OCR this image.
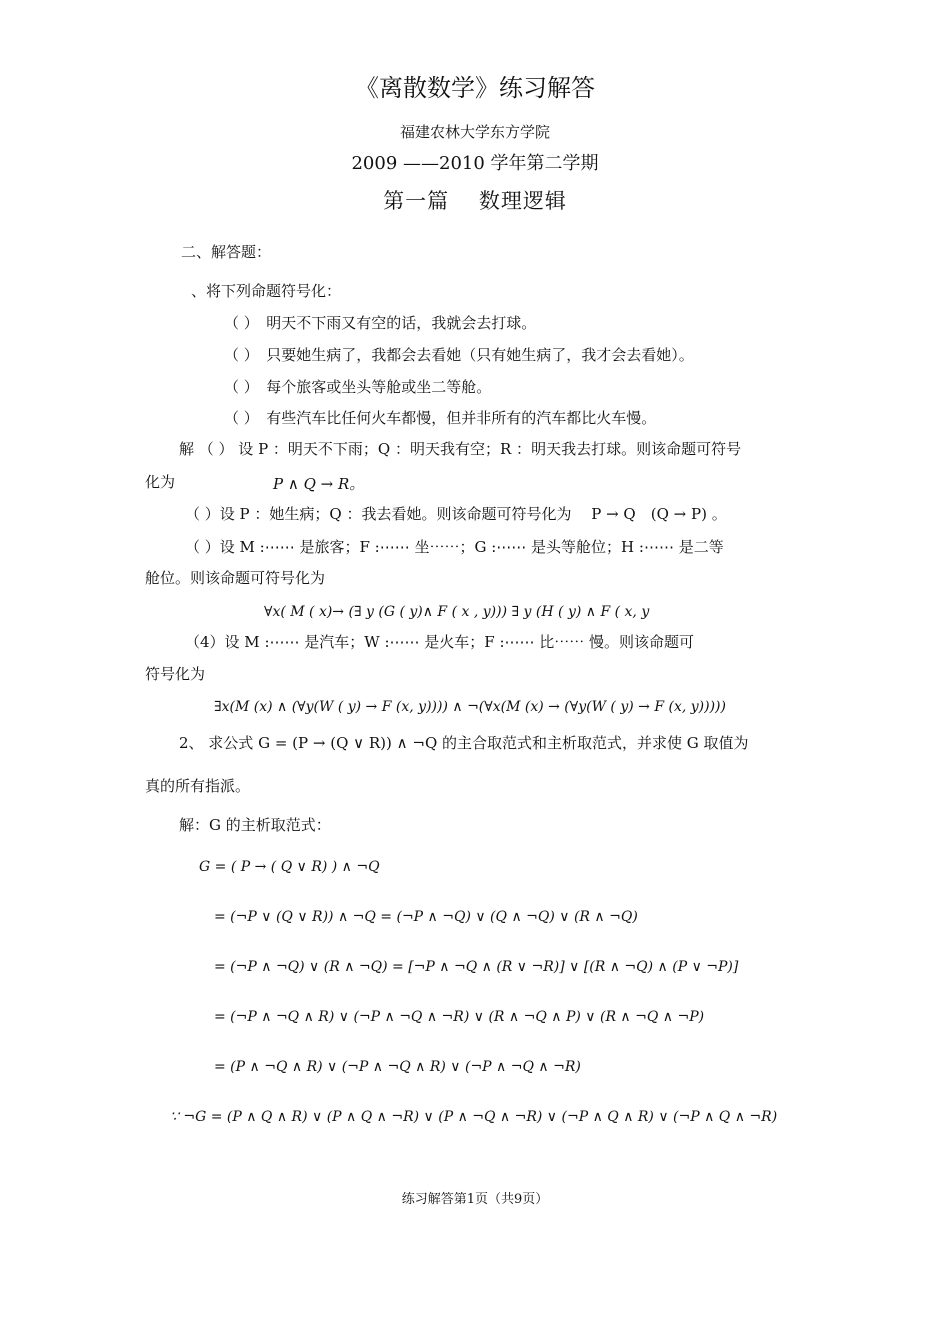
《离散数学》练习解答
福建农林大学东方学院
2009 ——2010 学年第二学期
第一篇　 数理逻辑
二、解答题：
、将下列命题符号化：
（ ）　明天不下雨又有空的话，我就会去打球。
（ ）　只要她生病了，我都会去看她（只有她生病了，我才会去看她）。
（ ）　每个旅客或坐头等舱或坐二等舱。
（ ）　有些汽车比任何火车都慢，但并非所有的汽车都比火车慢。
解 （ ） 设 P ：明天不下雨；Q ：明天我有空；R ：明天我去打球。则该命题可符号
化为	P ∧ Q → R。
（ ）设 P ：她生病；Q ：我去看她。则该命题可符号化为　 P → Q　(Q → P) 。
（ ）设 M :⋯⋯ 是旅客；F :⋯⋯ 坐⋯⋯；G :⋯⋯ 是头等舱位；H :⋯⋯ 是二等
舱位。则该命题可符号化为
∀x( M ( x)→ (∃ y (G ( y)∧ F ( x , y))) ∃ y (H ( y) ∧ F ( x, y
（4）设 M :⋯⋯ 是汽车；W :⋯⋯ 是火车；F :⋯⋯ 比⋯⋯ 慢。则该命题可
符号化为
∃x(M (x) ∧ (∀y(W ( y) → F (x, y)))) ∧ ¬(∀x(M (x) → (∀y(W ( y) → F (x, y)))))
2、 求公式 G = (P → (Q ∨ R)) ∧ ¬Q 的主合取范式和主析取范式，并求使 G 取值为
真的所有指派。
解：G 的主析取范式：
G = ( P → ( Q ∨ R) ) ∧ ¬Q
= (¬P ∨ (Q ∨ R)) ∧ ¬Q = (¬P ∧ ¬Q) ∨ (Q ∧ ¬Q) ∨ (R ∧ ¬Q)
= (¬P ∧ ¬Q) ∨ (R ∧ ¬Q) = [¬P ∧ ¬Q ∧ (R ∨ ¬R)] ∨ [(R ∧ ¬Q) ∧ (P ∨ ¬P)]
= (¬P ∧ ¬Q ∧ R) ∨ (¬P ∧ ¬Q ∧ ¬R) ∨ (R ∧ ¬Q ∧ P) ∨ (R ∧ ¬Q ∧ ¬P)
= (P ∧ ¬Q ∧ R) ∨ (¬P ∧ ¬Q ∧ R) ∨ (¬P ∧ ¬Q ∧ ¬R)
∵ ¬G = (P ∧ Q ∧ R) ∨ (P ∧ Q ∧ ¬R) ∨ (P ∧ ¬Q ∧ ¬R) ∨ (¬P ∧ Q ∧ R) ∨ (¬P ∧ Q ∧ ¬R)
练习解答第1页（共9页）
